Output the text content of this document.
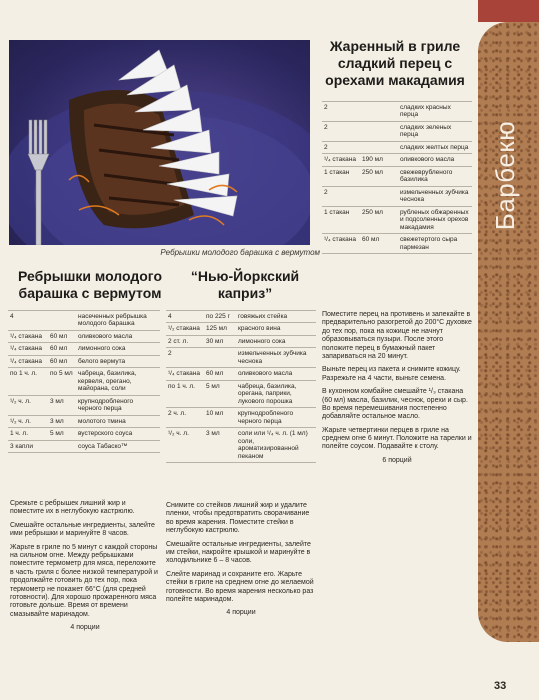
Ребрышки молодого барашка с вермутом
Барбекю
33
Ребрышки молодого барашка с вермутом
4		насеченных ребрышка молодого барашка
¹/₄ стакана	60 мл	оливкового масла
¹/₄ стакана	60 мл	лимонного сока
¹/₄ стакана	60 мл	белого вермута
по 1 ч. л.	по 5 мл	чабреца, базилика, кервеля, орегано, майорана, соли
¹/₂ ч. л.	3 мл	крупнодробленого черного перца
¹/₂ ч. л.	3 мл	молотого тмина
1 ч. л.	5 мл	вустерского соуса
3 капли		соуса Табаско™

Срежьте с ребрышек лишний жир и поместите их в неглубокую кастрюлю.

Смешайте остальные ингредиенты, залейте ими ребрышки и маринуйте 8 часов.

Жарьте в гриле по 5 минут с каждой стороны на сильном огне. Между ребрышками поместите термометр для мяса, переложите в часть гриля с более низкой температурой и продолжайте готовить до тех пор, пока термометр не покажет 66°C (для средней готовности). Для хорошо прожаренного мяса готовьте дольше. Время от времени смазывайте маринадом.

4 порции
“Нью-Йоркский каприз”
4	по 225 г	говяжьих стейка
¹/₂ стакана	125 мл	красного вина
2 ст. л.	30 мл	лимонного сока
2		измельченных зубчика чеснока
¹/₄ стакана	60 мл	оливкового масла
по 1 ч. л.	5 мл	чабреца, базилика, орегана, паприки, лукового порошка
2 ч. л.	10 мл	крупнодробленого черного перца
¹/₂ ч. л.	3 мл	соли или ¹/₄ ч. л. (1 мл) соли, ароматизированной пеканом

Снимите со стейков лишний жир и удалите пленки, чтобы предотвратить сворачивание во время жарения. Поместите стейки в неглубокую кастрюлю.

Смешайте остальные ингредиенты, залейте им стейки, накройте крышкой и маринуйте в холодильнике 6 – 8 часов.

Слейте маринад и сохраните его. Жарьте стейки в гриле на среднем огне до желаемой готовности. Во время жарения несколько раз полейте маринадом.

4 порции
Жаренный в гриле сладкий перец с орехами макадамия
2		сладких красных перца
2		сладких зеленых перца
2		сладких желтых перца
¹/₄ стакана	190 мл	оливкового масла
1 стакан	250 мл	свежеврубленого базилика
2		измельченных зубчика чеснока
1 стакан	250 мл	рубленых обжаренных и подсоленных орехов макадамия
¹/₄ стакана	60 мл	свежетертого сыра пармезан

Поместите перец на противень и запекайте в предварительно разогретой до 200°C духовке до тех пор, пока на кожице не начнут образовываться пузыри. После этого положите перец в бумажный пакет запариваться на 20 минут.

Выньте перец из пакета и снимите кожицу. Разрежьте на 4 части, выньте семена.

В кухонном комбайне смешайте ¹/₃ стакана (60 мл) масла, базилик, чеснок, орехи и сыр. Во время перемешивания постепенно добавляйте остальное масло.

Жарьте четвертинки перцев в гриле на среднем огне 6 минут. Положите на тарелки и полейте соусом. Подавайте к столу.

6 порций
